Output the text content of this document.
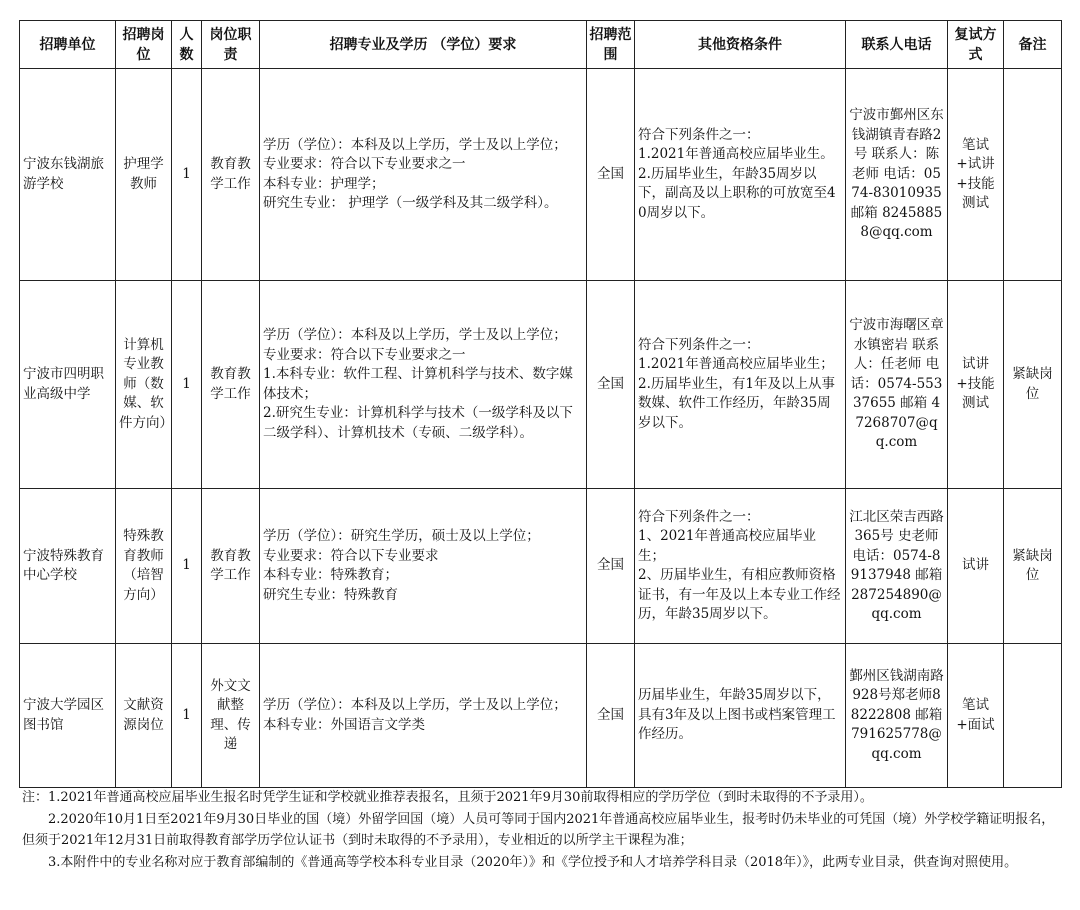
招聘单位	招聘岗位	人数	岗位职责	招聘专业及学历 （学位）要求	招聘范围	其他资格条件	联系人电话	复试方式	备注
宁波东钱湖旅游学校	护理学教师	1	教育教学工作	学历（学位）：本科及以上学历，学士及以上学位；
专业要求：符合以下专业要求之一
本科专业：护理学；
研究生专业： 护理学（一级学科及其二级学科）。	全国	符合下列条件之一：
1.2021年普通高校应届毕业生。
2.历届毕业生，年龄35周岁以下，副高及以上职称的可放宽至40周岁以下。	宁波市鄞州区东钱湖镇青春路2号 联系人：陈老师 电话：0574-83010935 邮箱 82458858@qq.com	笔试+试讲+技能测试	
宁波市四明职业高级中学	计算机专业教师（数媒、软件方向）	1	教育教学工作	学历（学位）：本科及以上学历，学士及以上学位；
专业要求：符合以下专业要求之一
1.本科专业：软件工程、计算机科学与技术、数字媒体技术；
2.研究生专业：计算机科学与技术（一级学科及以下二级学科）、计算机技术（专硕、二级学科）。	全国	符合下列条件之一：
1.2021年普通高校应届毕业生；
2.历届毕业生，有1年及以上从事数媒、软件工作经历，年龄35周岁以下。	宁波市海曙区章水镇密岩 联系人：任老师 电话：0574-55337655 邮箱 47268707@qq.com	试讲+技能测试	紧缺岗位
宁波特殊教育中心学校	特殊教育教师（培智方向）	1	教育教学工作	学历（学位）：研究生学历，硕士及以上学位；
专业要求：符合以下专业要求
本科专业：特殊教育；
研究生专业：特殊教育	全国	符合下列条件之一：
1、2021年普通高校应届毕业生；
2、历届毕业生，有相应教师资格证书，有一年及以上本专业工作经历，年龄35周岁以下。	江北区荣吉西路365号 史老师 电话：0574-89137948 邮箱 287254890@qq.com	试讲	紧缺岗位
宁波大学园区图书馆	文献资源岗位	1	外文文献整理、传递	学历（学位）：本科及以上学历，学士及以上学位；
本科专业：外国语言文学类	全国	历届毕业生，年龄35周岁以下，具有3年及以上图书或档案管理工作经历。	鄞州区钱湖南路928号郑老师88222808 邮箱 791625778@qq.com	笔试+面试	
注：1.2021年普通高校应届毕业生报名时凭学生证和学校就业推荐表报名，且须于2021年9月30前取得相应的学历学位（到时未取得的不予录用）。
　　2.2020年10月1日至2021年9月30日毕业的国（境）外留学回国（境）人员可等同于国内2021年普通高校应届毕业生，报考时仍未毕业的可凭国（境）外学校学籍证明报名，但须于2021年12月31日前取得教育部学历学位认证书（到时未取得的不予录用），专业相近的以所学主干课程为准；
　　3.本附件中的专业名称对应于教育部编制的《普通高等学校本科专业目录（2020年）》和《学位授予和人才培养学科目录（2018年）》，此两专业目录，供查询对照使用。
